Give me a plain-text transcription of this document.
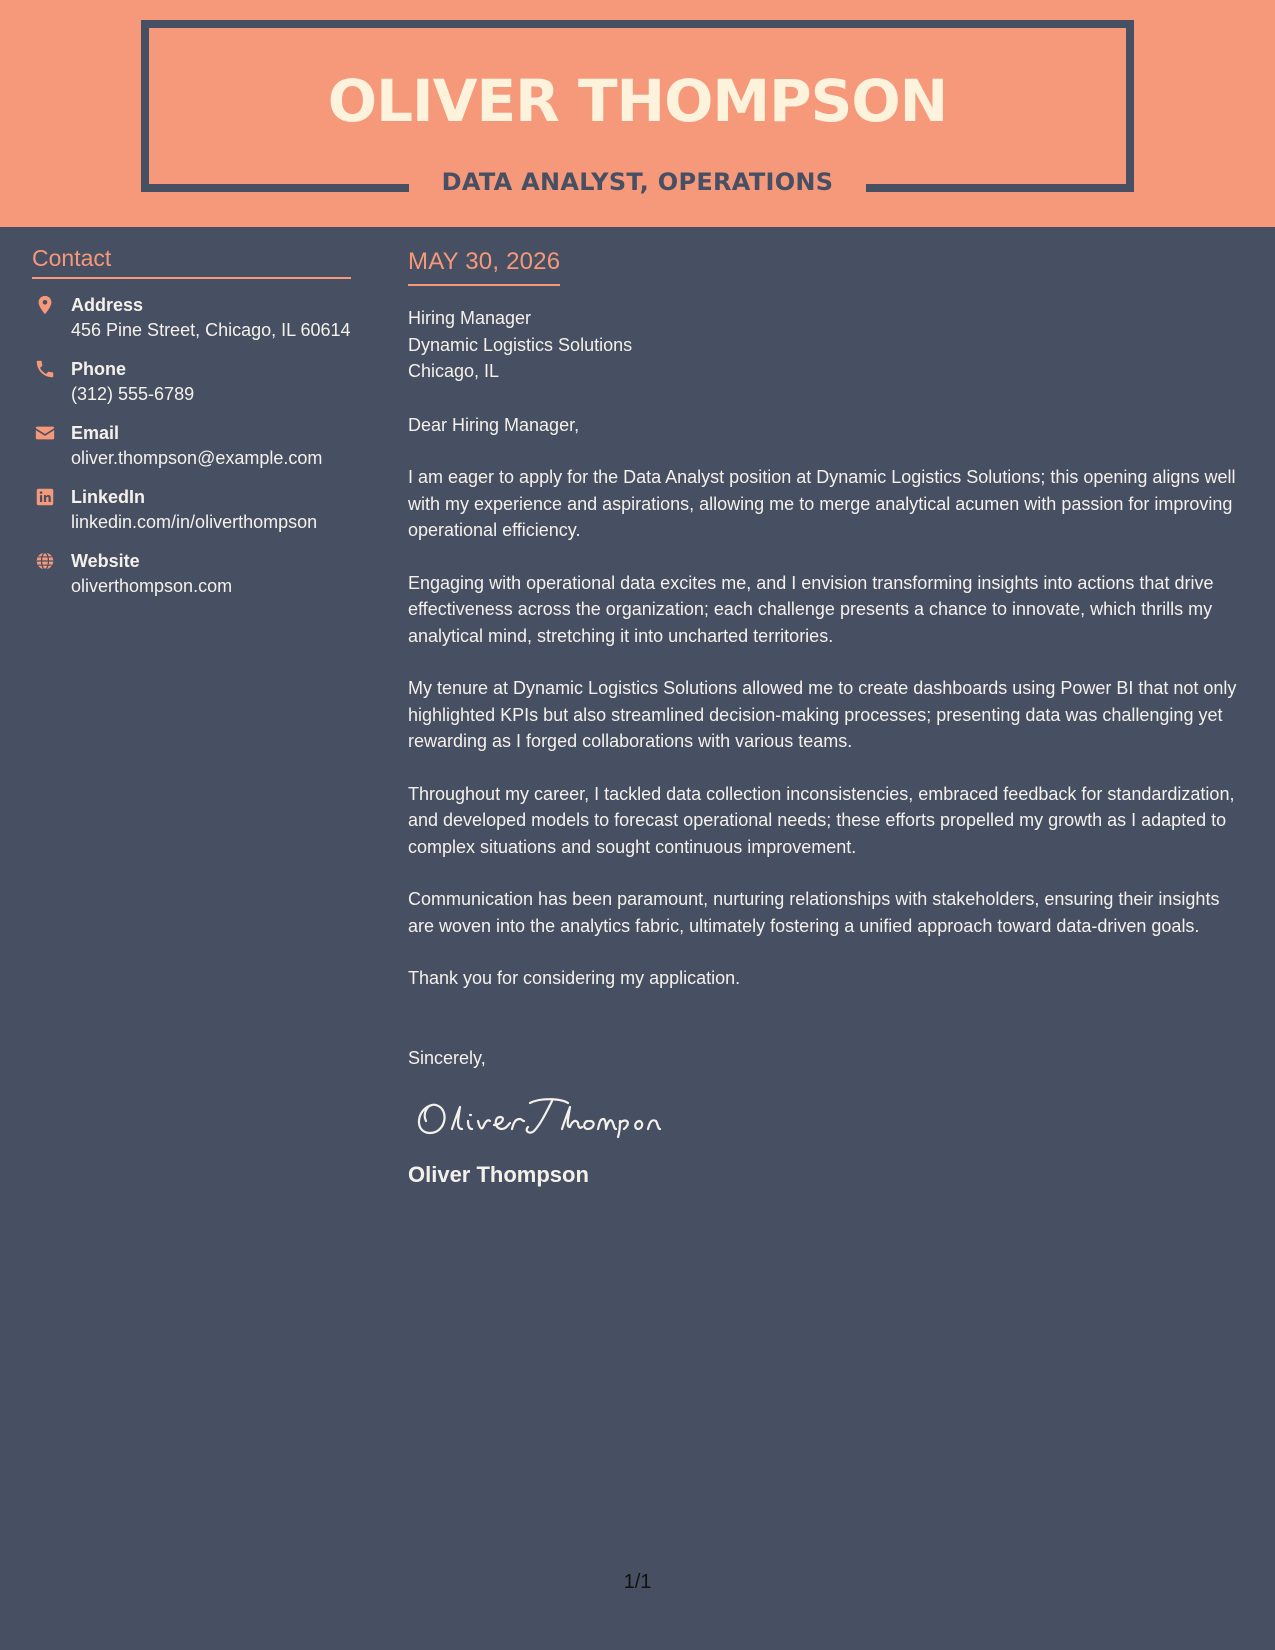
OLIVER THOMPSON
DATA ANALYST, OPERATIONS
Contact
Address
456 Pine Street, Chicago, IL 60614
Phone
(312) 555-6789
Email
oliver.thompson@example.com
LinkedIn
linkedin.com/in/oliverthompson
Website
oliverthompson.com
MAY 30, 2026
Hiring Manager
Dynamic Logistics Solutions
Chicago, IL

Dear Hiring Manager,

I am eager to apply for the Data Analyst position at Dynamic Logistics Solutions; this opening aligns well with my experience and aspirations, allowing me to merge analytical acumen with passion for improving operational efficiency.

Engaging with operational data excites me, and I envision transforming insights into actions that drive effectiveness across the organization; each challenge presents a chance to innovate, which thrills my analytical mind, stretching it into uncharted territories.

My tenure at Dynamic Logistics Solutions allowed me to create dashboards using Power BI that not only highlighted KPIs but also streamlined decision-making processes; presenting data was challenging yet rewarding as I forged collaborations with various teams.

Throughout my career, I tackled data collection inconsistencies, embraced feedback for standardization, and developed models to forecast operational needs; these efforts propelled my growth as I adapted to complex situations and sought continuous improvement.

Communication has been paramount, nurturing relationships with stakeholders, ensuring their insights are woven into the analytics fabric, ultimately fostering a unified approach toward data-driven goals.

Thank you for considering my application.

Sincerely,

Oliver Thompson

1/1
